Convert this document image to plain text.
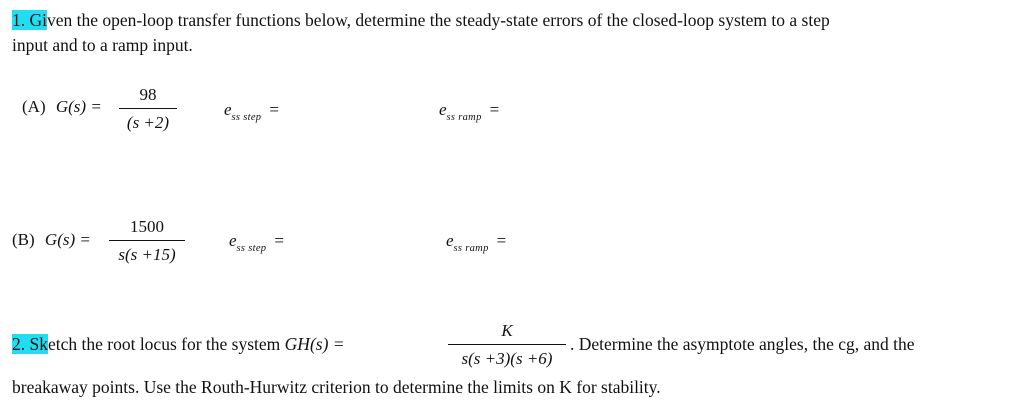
1. Given the open-loop transfer functions below, determine the steady-state errors of the closed-loop system to a step
input and to a ramp input.
(A) G(s) =
98
(s +2)
$e_{ss step}$ =	$e_{ss ramp}$ =
(B) G(s) =
1500
s(s +15)
$e_{ss step}$ =	$e_{ss ramp}$ =
2. Sketch the root locus for the system GH(s) =
K
s(s +3)(s +6)
. Determine the asymptote angles, the cg, and the
breakaway points. Use the Routh-Hurwitz criterion to determine the limits on K for stability.
